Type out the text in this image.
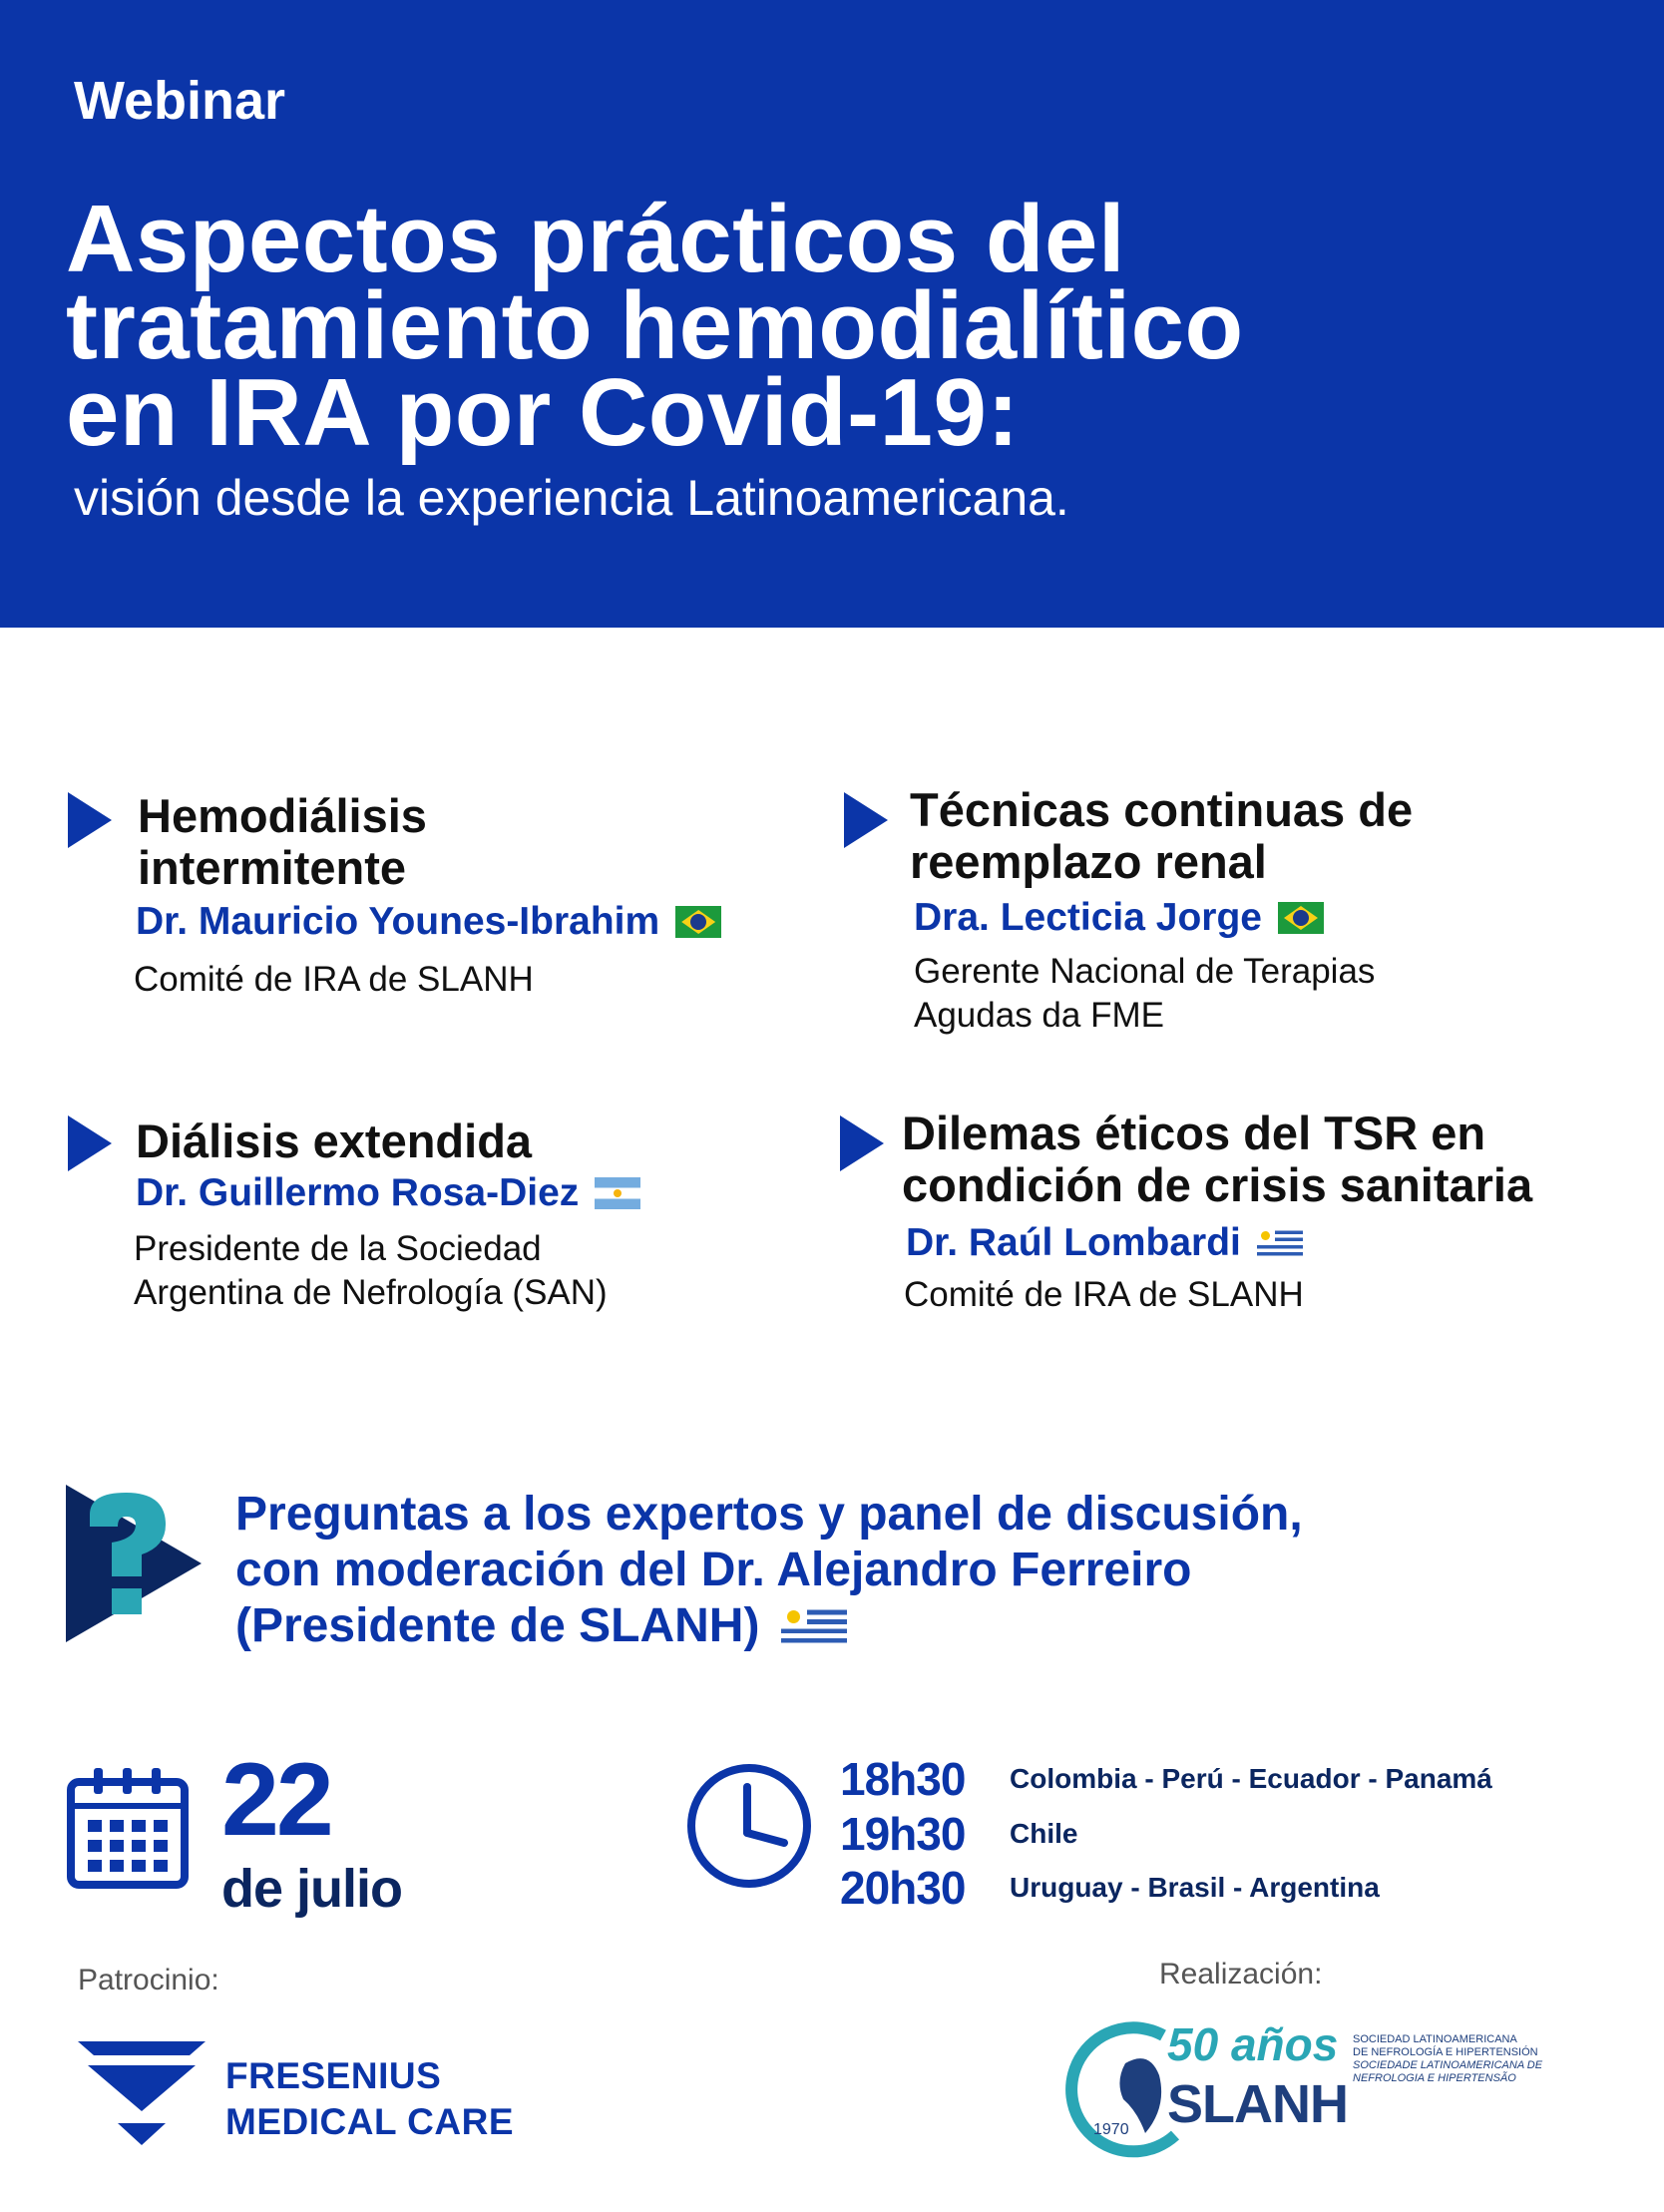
Webinar
Aspectos prácticos del
tratamiento hemodialítico
en IRA por Covid-19:
visión desde la experiencia Latinoamericana.
Hemodiálisis
intermitente
Dr. Mauricio Younes-Ibrahim
Comité de IRA de SLANH
Técnicas continuas de
reemplazo renal
Dra. Lecticia Jorge
Gerente Nacional de Terapias
Agudas da FME
Diálisis extendida
Dr. Guillermo Rosa-Diez
Presidente de la Sociedad
Argentina de Nefrología (SAN)
Dilemas éticos del TSR en
condición de crisis sanitaria
Dr. Raúl Lombardi
Comité de IRA de SLANH
Preguntas a los expertos y panel de discusión,
con moderación del Dr. Alejandro Ferreiro
(Presidente de SLANH)
22
de julio
18h30	Colombia - Perú - Ecuador - Panamá
19h30	Chile
20h30	Uruguay - Brasil - Argentina
Patrocinio:
FRESENIUS
MEDICAL CARE
Realización:
50 años
SLANH
1970
SOCIEDAD LATINOAMERICANA
DE NEFROLOGÍA E HIPERTENSIÓN
SOCIEDADE LATINOAMERICANA DE
NEFROLOGIA E HIPERTENSÃO
